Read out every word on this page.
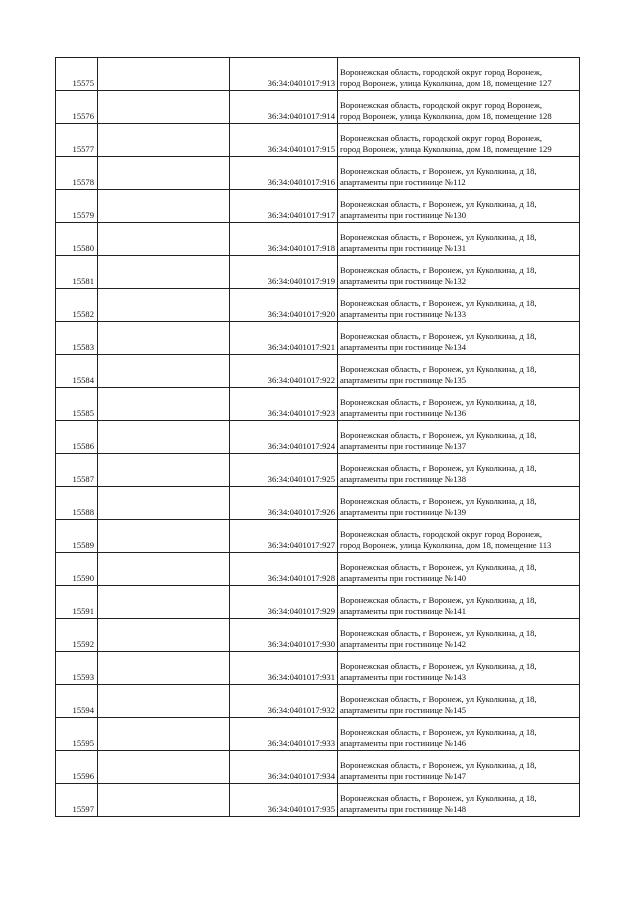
15575		36:34:0401017:913	Воронежская область, городской округ город Воронеж,
город Воронеж, улица Куколкина, дом 18, помещение 127

15576		36:34:0401017:914	Воронежская область, городской округ город Воронеж,
город Воронеж, улица Куколкина, дом 18, помещение 128

15577		36:34:0401017:915	Воронежская область, городской округ город Воронеж,
город Воронеж, улица Куколкина, дом 18, помещение 129

15578		36:34:0401017:916	Воронежская область, г Воронеж, ул Куколкина, д 18,
апартаменты при гостинице №112

15579		36:34:0401017:917	Воронежская область, г Воронеж, ул Куколкина, д 18,
апартаменты при гостинице №130

15580		36:34:0401017:918	Воронежская область, г Воронеж, ул Куколкина, д 18,
апартаменты при гостинице №131

15581		36:34:0401017:919	Воронежская область, г Воронеж, ул Куколкина, д 18,
апартаменты при гостинице №132

15582		36:34:0401017:920	Воронежская область, г Воронеж, ул Куколкина, д 18,
апартаменты при гостинице №133

15583		36:34:0401017:921	Воронежская область, г Воронеж, ул Куколкина, д 18,
апартаменты при гостинице №134

15584		36:34:0401017:922	Воронежская область, г Воронеж, ул Куколкина, д 18,
апартаменты при гостинице №135

15585		36:34:0401017:923	Воронежская область, г Воронеж, ул Куколкина, д 18,
апартаменты при гостинице №136

15586		36:34:0401017:924	Воронежская область, г Воронеж, ул Куколкина, д 18,
апартаменты при гостинице №137

15587		36:34:0401017:925	Воронежская область, г Воронеж, ул Куколкина, д 18,
апартаменты при гостинице №138

15588		36:34:0401017:926	Воронежская область, г Воронеж, ул Куколкина, д 18,
апартаменты при гостинице №139

15589		36:34:0401017:927	Воронежская область, городской округ город Воронеж,
город Воронеж, улица Куколкина, дом 18, помещение 113

15590		36:34:0401017:928	Воронежская область, г Воронеж, ул Куколкина, д 18,
апартаменты при гостинице №140

15591		36:34:0401017:929	Воронежская область, г Воронеж, ул Куколкина, д 18,
апартаменты при гостинице №141

15592		36:34:0401017:930	Воронежская область, г Воронеж, ул Куколкина, д 18,
апартаменты при гостинице №142

15593		36:34:0401017:931	Воронежская область, г Воронеж, ул Куколкина, д 18,
апартаменты при гостинице №143

15594		36:34:0401017:932	Воронежская область, г Воронеж, ул Куколкина, д 18,
апартаменты при гостинице №145

15595		36:34:0401017:933	Воронежская область, г Воронеж, ул Куколкина, д 18,
апартаменты при гостинице №146

15596		36:34:0401017:934	Воронежская область, г Воронеж, ул Куколкина, д 18,
апартаменты при гостинице №147

15597		36:34:0401017:935	Воронежская область, г Воронеж, ул Куколкина, д 18,
апартаменты при гостинице №148
